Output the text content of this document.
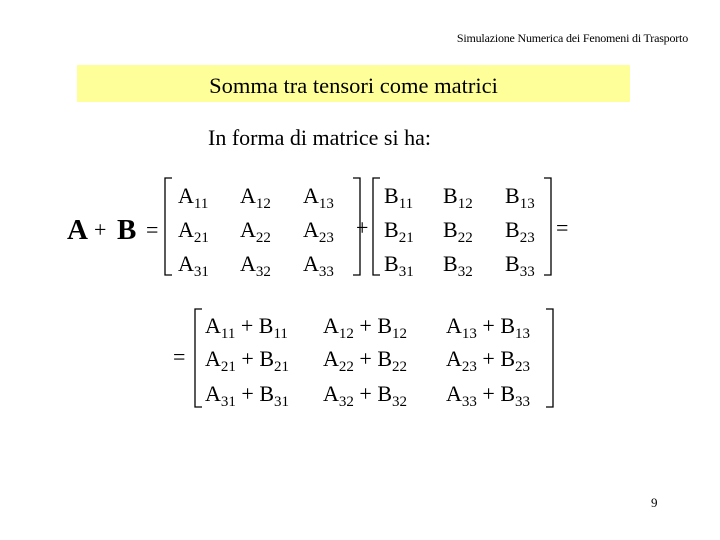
Simulazione Numerica dei Fenomeni di Trasporto
Somma tra tensori come matrici
In forma di matrice si ha:
A + B =
A11 A12 A13
A21 A22 A23
A31 A32 A33
+
B11 B12 B13
B21 B22 B23
B31 B32 B33
=
=
A11 + B11 A12 + B12 A13 + B13
A21 + B21 A22 + B22 A23 + B23
A31 + B31 A32 + B32 A33 + B33
9
